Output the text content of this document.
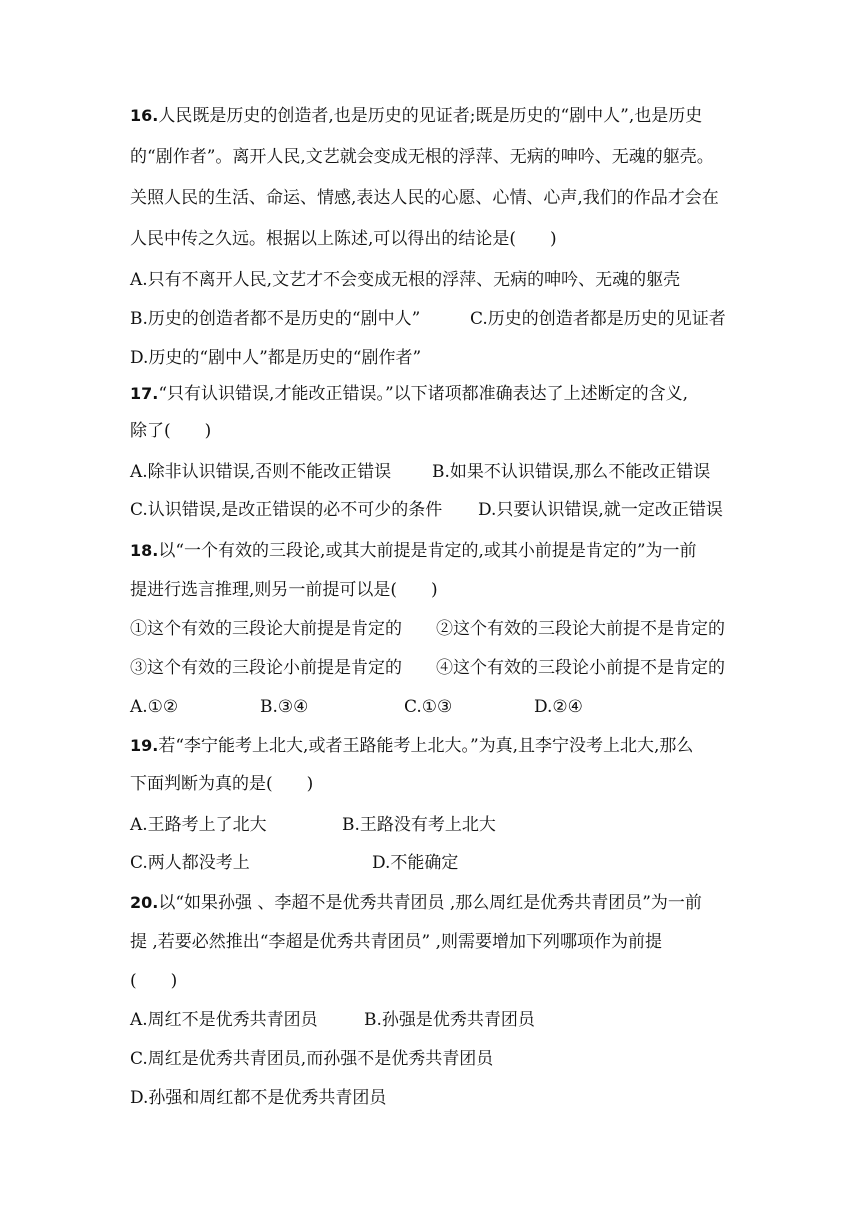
16.人民既是历史的创造者,也是历史的见证者;既是历史的“剧中人”,也是历史
的“剧作者”。离开人民,文艺就会变成无根的浮萍、无病的呻吟、无魂的躯壳。
关照人民的生活、命运、情感,表达人民的心愿、心情、心声,我们的作品才会在
人民中传之久远。根据以上陈述,可以得出的结论是(　　)
A.只有不离开人民,文艺才不会变成无根的浮萍、无病的呻吟、无魂的躯壳
B.历史的创造者都不是历史的“剧中人”	C.历史的创造者都是历史的见证者
D.历史的“剧中人”都是历史的“剧作者”
17.“只有认识错误,才能改正错误。”以下诸项都准确表达了上述断定的含义,
除了(　　)
A.除非认识错误,否则不能改正错误 B.如果不认识错误,那么不能改正错误
C.认识错误,是改正错误的必不可少的条件 D.只要认识错误,就一定改正错误
18.以“一个有效的三段论,或其大前提是肯定的,或其小前提是肯定的”为一前
提进行选言推理,则另一前提可以是(　　)
①这个有效的三段论大前提是肯定的 ②这个有效的三段论大前提不是肯定的
③这个有效的三段论小前提是肯定的 ④这个有效的三段论小前提不是肯定的
A.①②	B.③④	C.①③	D.②④
19.若“李宁能考上北大,或者王路能考上北大。”为真,且李宁没考上北大,那么
下面判断为真的是(　　)
A.王路考上了北大	B.王路没有考上北大
C.两人都没考上	D.不能确定
20.以“如果孙强 、李超不是优秀共青团员 ,那么周红是优秀共青团员”为一前
提 ,若要必然推出“李超是优秀共青团员” ,则需要增加下列哪项作为前提
(　　)
A.周红不是优秀共青团员	B.孙强是优秀共青团员
C.周红是优秀共青团员,而孙强不是优秀共青团员
D.孙强和周红都不是优秀共青团员
